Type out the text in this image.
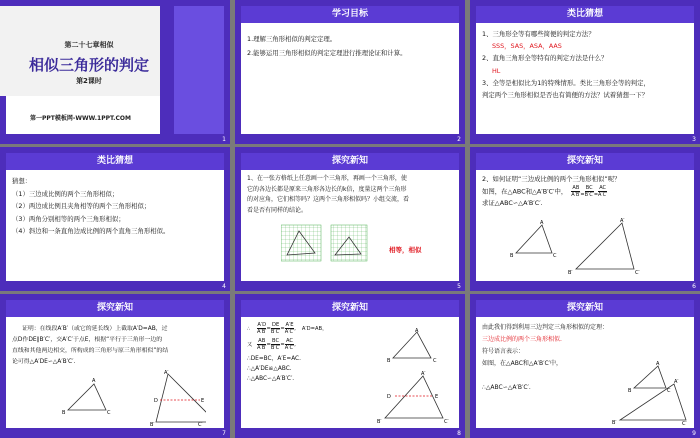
第二十七章相似
相似三角形的判定
第2课时
第一PPT模板网-WWW.1PPT.COM
1
学习目标
1.理解三角形相似的判定定理。
2.能够运用三角形相似的判定定理进行推理论证和计算。
2
类比猜想
1、三角形全等有哪些简便的判定方法？
SSS，SAS，ASA，AAS
2、直角三角形全等特有的判定方法是什么？
HL
3、全等是相似比为1的特殊情形。类比三角形全等的判定，
判定两个三角形相似是否也有简便的方法？试着猜想一下？
3
类比猜想
猜想：
（1）三边成比例的两个三角形相似；
（2）两边成比例且夹角相等的两个三角形相似；
（3）两角分别相等的两个三角形相似；
（4）斜边和一条直角边成比例的两个直角三角形相似。
4
探究新知
1、在一张方格纸上任意画一个三角形，再画一个三角形，使
它的各边长都是原来三角形各边长的k倍，度量这两个三角形
的对应角，它们相等吗？这两个三角形相似吗？小组交流，看
看是否有同样的结论。
相等，相似
5
探究新知
2、如何证明“三边成比例的两个三角形相似”呢？
如图，在△ABC和△A′B′C′中， $\frac{AB}{A'B'} = \frac{BC}{B'C'} = \frac{AC}{A'C'}$
求证△ABC∽△A′B′C′.
A
B	C
A′
B′	C′
6
探究新知
证明：在线段A′B′（或它的延长线）上截取A′D=AB，过
点D作DE∥B′C′，交A′C′于点E，根据“平行于三角形一边的
直线和其他两边相交，所构成的三角形与原三角形相似”的结
论可得△A′DE∽△A′B′C′.
A
B	C
A′
D	E
B′	C′
7
探究新知
∴
A′D
A′B′
=
DE
B′C′
=
A′E
A′C′
, A′D=AB，
又
AB
A′B′
=
BC
B′C′
=
AC
A′C′
,
∴DE=BC，A′E=AC.
∴△A′DE≌△ABC.
∴△ABC∽△A′B′C′.
A
B	C
A′
D	E
B′	C′
8
由此我们得到利用三边判定三角形相似的定理：
三边成比例的两个三角形相似.
符号语言表示：
如图，在△ABC和△A′B′C′中，
∴△ABC∽△A′B′C′.
探究新知
A
B	C
A′
B′	C′
9
